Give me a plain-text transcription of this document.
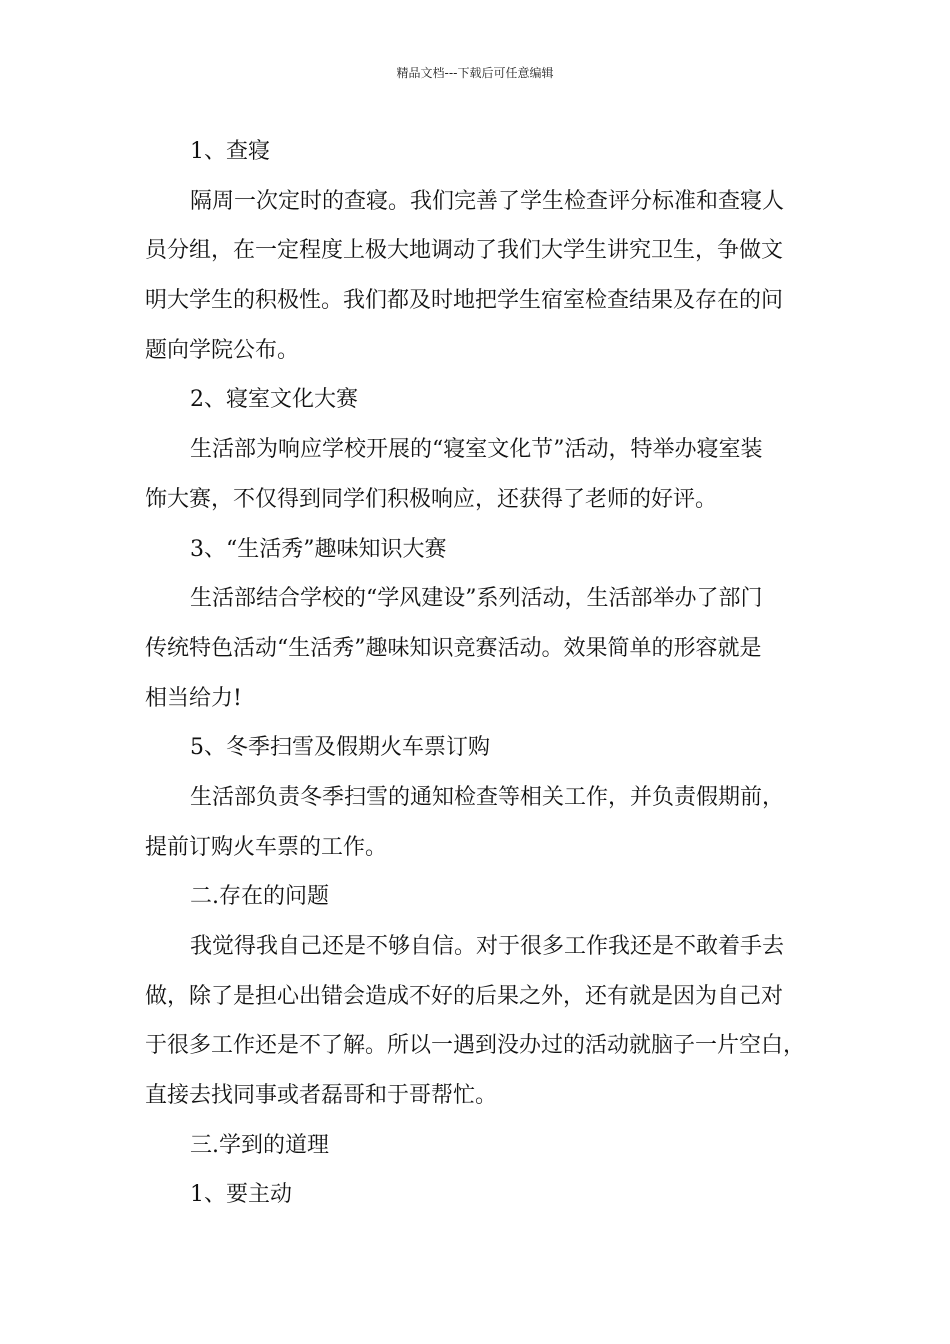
精品文档---下载后可任意编辑
1、查寝
隔周一次定时的查寝。我们完善了学生检查评分标准和查寝人
员分组，在一定程度上极大地调动了我们大学生讲究卫生，争做文
明大学生的积极性。我们都及时地把学生宿室检查结果及存在的问
题向学院公布。
2、寝室文化大赛
生活部为响应学校开展的“寝室文化节”活动，特举办寝室装
饰大赛，不仅得到同学们积极响应，还获得了老师的好评。
3、“生活秀”趣味知识大赛
生活部结合学校的“学风建设”系列活动，生活部举办了部门
传统特色活动“生活秀”趣味知识竞赛活动。效果简单的形容就是
相当给力!
5、冬季扫雪及假期火车票订购
生活部负责冬季扫雪的通知检查等相关工作，并负责假期前，
提前订购火车票的工作。
二.存在的问题
我觉得我自己还是不够自信。对于很多工作我还是不敢着手去
做，除了是担心出错会造成不好的后果之外，还有就是因为自己对
于很多工作还是不了解。所以一遇到没办过的活动就脑子一片空白，
直接去找同事或者磊哥和于哥帮忙。
三.学到的道理
1、要主动
